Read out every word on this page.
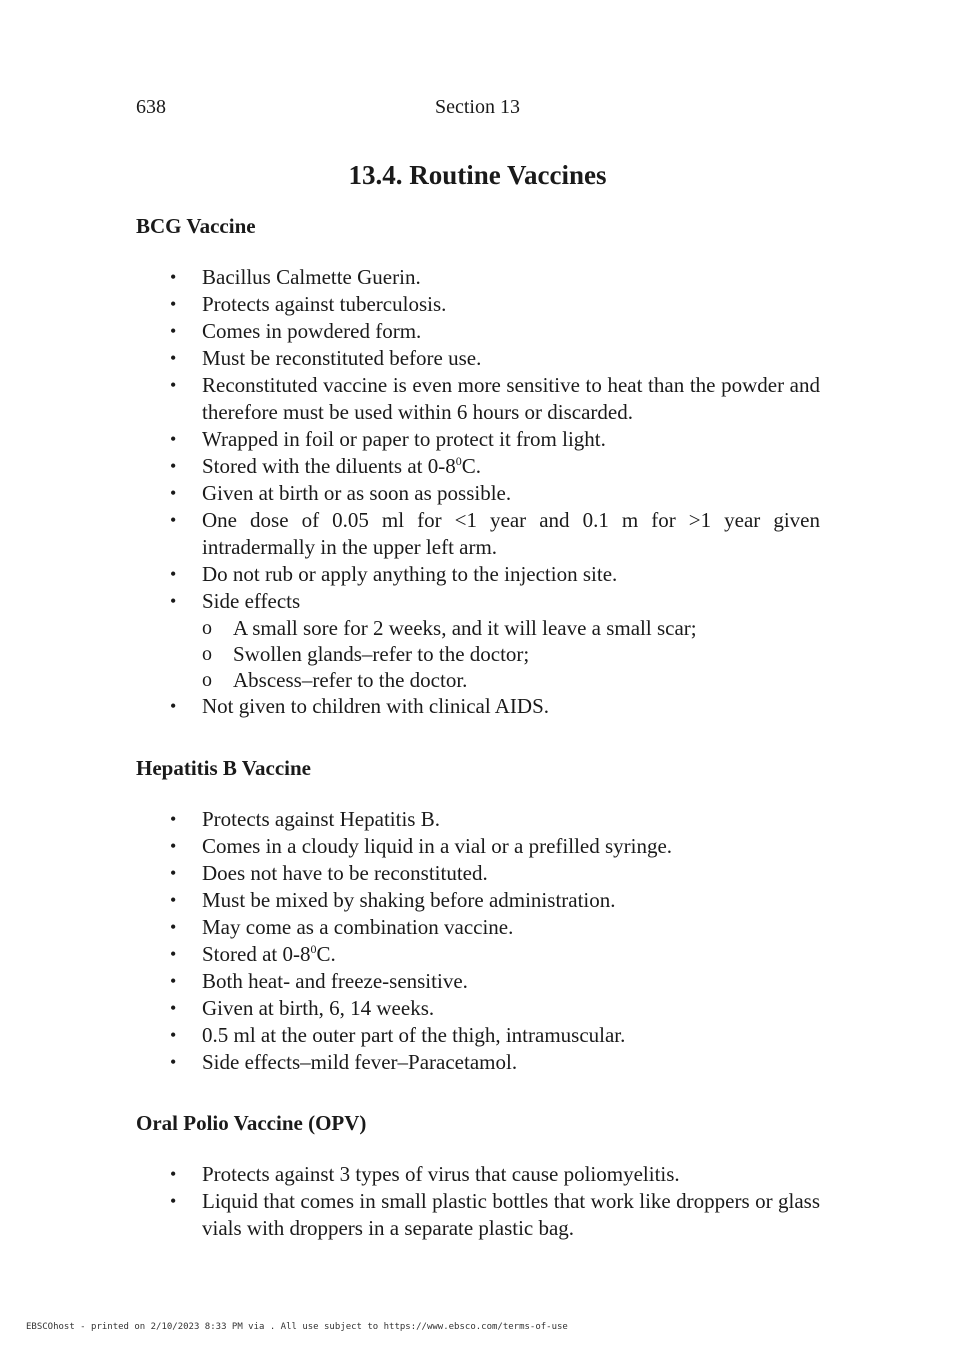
638	Section 13
13.4. Routine Vaccines
BCG Vaccine
• Bacillus Calmette Guerin.
• Protects against tuberculosis.
• Comes in powdered form.
• Must be reconstituted before use.
• Reconstituted vaccine is even more sensitive to heat than the powder and therefore must be used within 6 hours or discarded.
• Wrapped in foil or paper to protect it from light.
• Stored with the diluents at $0-8^0C$.
• Given at birth or as soon as possible.
• One dose of 0.05 ml for <1 year and 0.1 m for >1 year given intradermally in the upper left arm.
• Do not rub or apply anything to the injection site.
• Side effects
o A small sore for 2 weeks, and it will leave a small scar;
o Swollen glands–refer to the doctor;
o Abscess–refer to the doctor.
• Not given to children with clinical AIDS.
Hepatitis B Vaccine
• Protects against Hepatitis B.
• Comes in a cloudy liquid in a vial or a prefilled syringe.
• Does not have to be reconstituted.
• Must be mixed by shaking before administration.
• May come as a combination vaccine.
• Stored at $0-8^0C$.
• Both heat- and freeze-sensitive.
• Given at birth, 6, 14 weeks.
• 0.5 ml at the outer part of the thigh, intramuscular.
• Side effects–mild fever–Paracetamol.
Oral Polio Vaccine (OPV)
• Protects against 3 types of virus that cause poliomyelitis.
• Liquid that comes in small plastic bottles that work like droppers or glass vials with droppers in a separate plastic bag.
EBSCOhost - printed on 2/10/2023 8:33 PM via . All use subject to https://www.ebsco.com/terms-of-use
